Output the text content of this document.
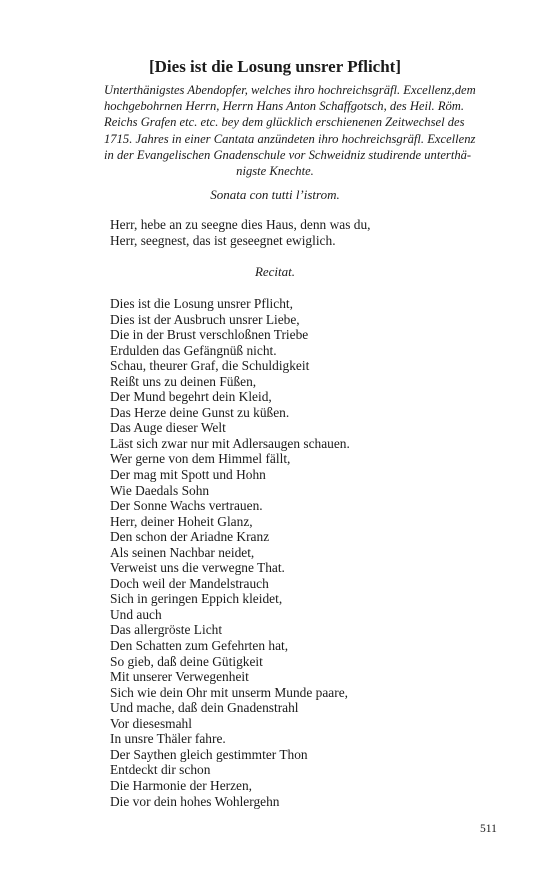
[Dies ist die Losung unsrer Pflicht]
Unterthänigstes Abendopfer, welches ihro hochreichsgräfl. Excellenz,dem
hochgebohrnen Herrn, Herrn Hans Anton Schaffgotsch, des Heil. Röm.
Reichs Grafen etc. etc. bey dem glücklich erschienenen Zeitwechsel des
1715. Jahres in einer Cantata anzündeten ihro hochreichsgräfl. Excellenz
in der Evangelischen Gnadenschule vor Schweidniz studirende unterthä-
nigste Knechte.
Sonata con tutti l’istrom.
Herr, hebe an zu seegne dies Haus, denn was du,
Herr, seegnest, das ist geseegnet ewiglich.
Recitat.
Dies ist die Losung unsrer Pflicht,
Dies ist der Ausbruch unsrer Liebe,
Die in der Brust verschloßnen Triebe
Erdulden das Gefängnüß nicht.
Schau, theurer Graf, die Schuldigkeit
Reißt uns zu deinen Füßen,
Der Mund begehrt dein Kleid,
Das Herze deine Gunst zu küßen.
Das Auge dieser Welt
Läst sich zwar nur mit Adlersaugen schauen.
Wer gerne von dem Himmel fällt,
Der mag mit Spott und Hohn
Wie Daedals Sohn
Der Sonne Wachs vertrauen.
Herr, deiner Hoheit Glanz,
Den schon der Ariadne Kranz
Als seinen Nachbar neidet,
Verweist uns die verwegne That.
Doch weil der Mandelstrauch
Sich in geringen Eppich kleidet,
Und auch
Das allergröste Licht
Den Schatten zum Gefehrten hat,
So gieb, daß deine Gütigkeit
Mit unserer Verwegenheit
Sich wie dein Ohr mit unserm Munde paare,
Und mache, daß dein Gnadenstrahl
Vor diesesmahl
In unsre Thäler fahre.
Der Saythen gleich gestimmter Thon
Entdeckt dir schon
Die Harmonie der Herzen,
Die vor dein hohes Wohlergehn
511
